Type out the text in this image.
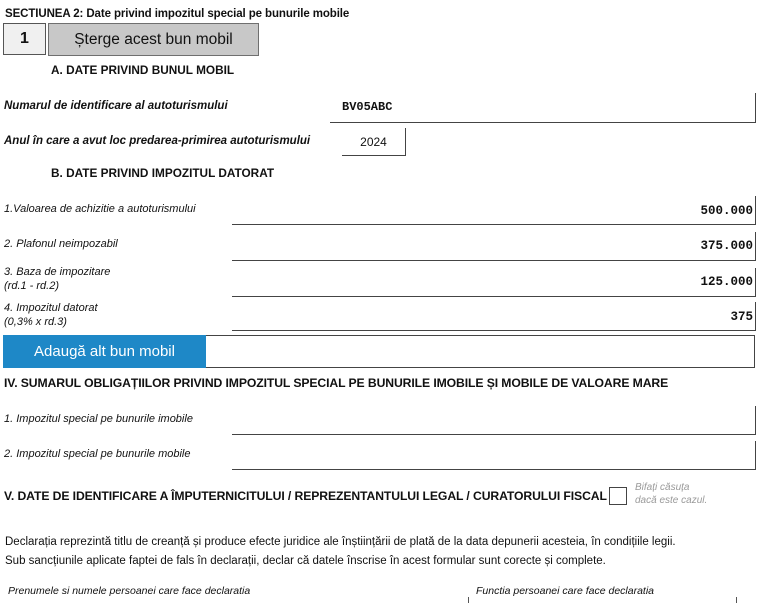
SECTIUNEA 2: Date privind impozitul special pe bunurile mobile
1	Șterge acest bun mobil
A. DATE PRIVIND BUNUL MOBIL
Numarul de identificare al autoturismului	BV05ABC
Anul în care a avut loc predarea-primirea autoturismului	2024
B. DATE PRIVIND IMPOZITUL DATORAT
1.Valoarea de achizitie a autoturismului	500.000
2. Plafonul neimpozabil	375.000
3. Baza de impozitare
(rd.1 - rd.2)	125.000
4. Impozitul datorat
(0,3% x rd.3)	375
Adaugă alt bun mobil
IV. SUMARUL OBLIGAȚIILOR PRIVIND IMPOZITUL SPECIAL PE BUNURILE IMOBILE ȘI MOBILE DE VALOARE MARE
1. Impozitul special pe bunurile imobile
2. Impozitul special pe bunurile mobile
V. DATE DE IDENTIFICARE A ÎMPUTERNICITULUI / REPREZENTANTULUI LEGAL / CURATORULUI FISCAL
Bifați căsuța
dacă este cazul.
Declarația reprezintă titlu de creanță și produce efecte juridice ale înștiințării de plată de la data depunerii acesteia, în condițiile legii.
Sub sancțiunile aplicate faptei de fals în declarații, declar că datele înscrise în acest formular sunt corecte și complete.
Prenumele si numele persoanei care face declaratia	Functia persoanei care face declaratia
